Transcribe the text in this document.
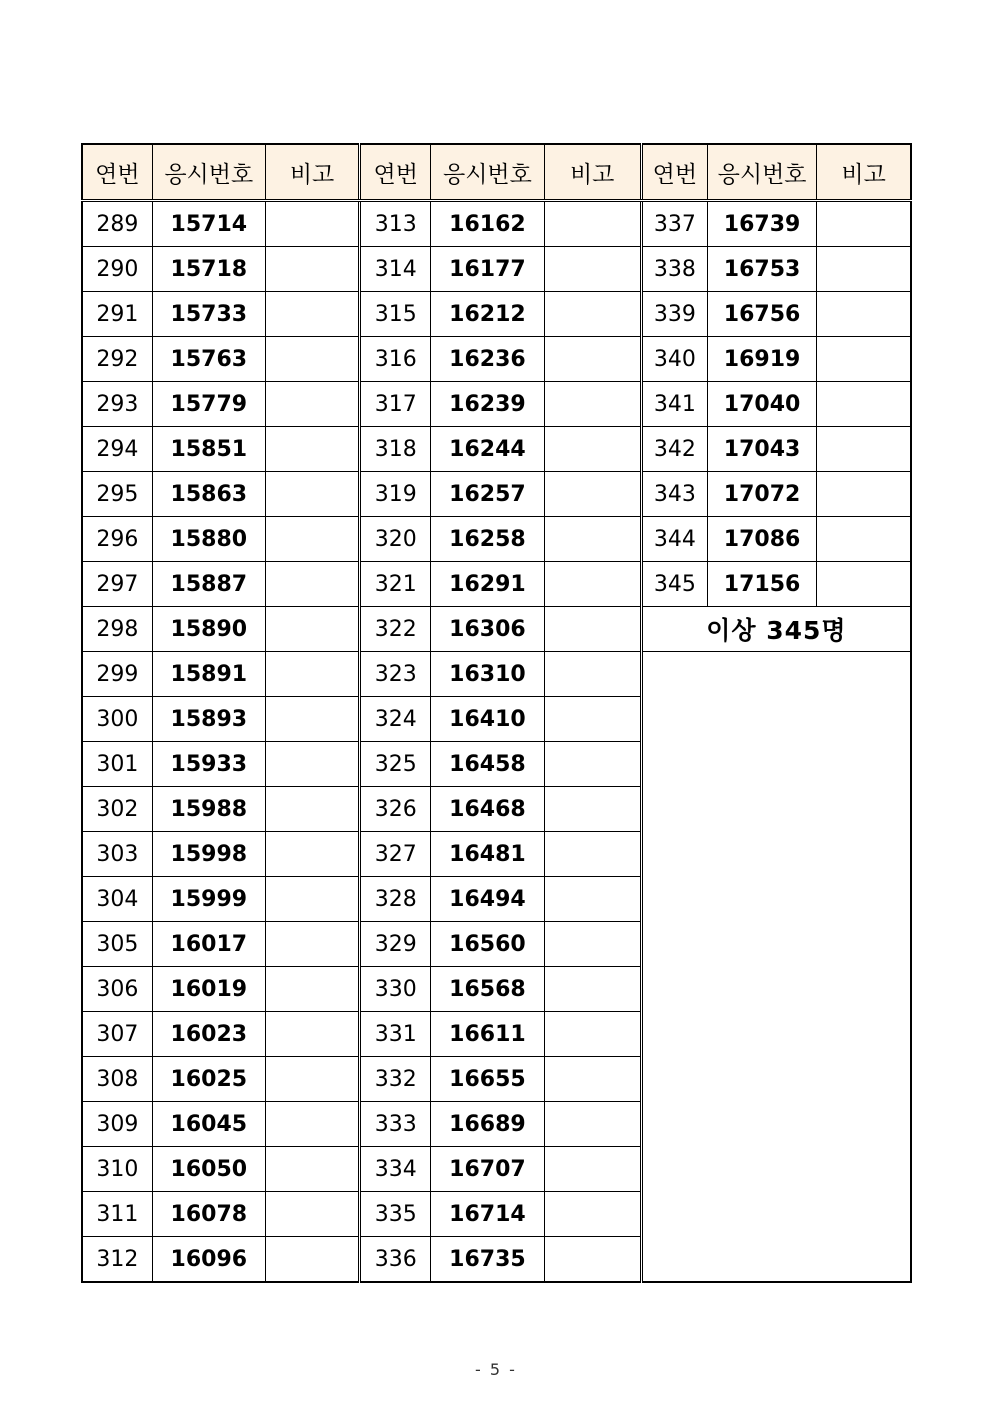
연번	응시번호	비고	연번	응시번호	비고	연번	응시번호	비고
289	15714		313	16162		337	16739	
290	15718		314	16177		338	16753	
291	15733		315	16212		339	16756	
292	15763		316	16236		340	16919	
293	15779		317	16239		341	17040	
294	15851		318	16244		342	17043	
295	15863		319	16257		343	17072	
296	15880		320	16258		344	17086	
297	15887		321	16291		345	17156	
298	15890		322	16306		이상 345명		
299	15891		323	16310				
300	15893		324	16410				
301	15933		325	16458				
302	15988		326	16468				
303	15998		327	16481				
304	15999		328	16494				
305	16017		329	16560				
306	16019		330	16568				
307	16023		331	16611				
308	16025		332	16655				
309	16045		333	16689				
310	16050		334	16707				
311	16078		335	16714				
312	16096		336	16735				
- 5 -
